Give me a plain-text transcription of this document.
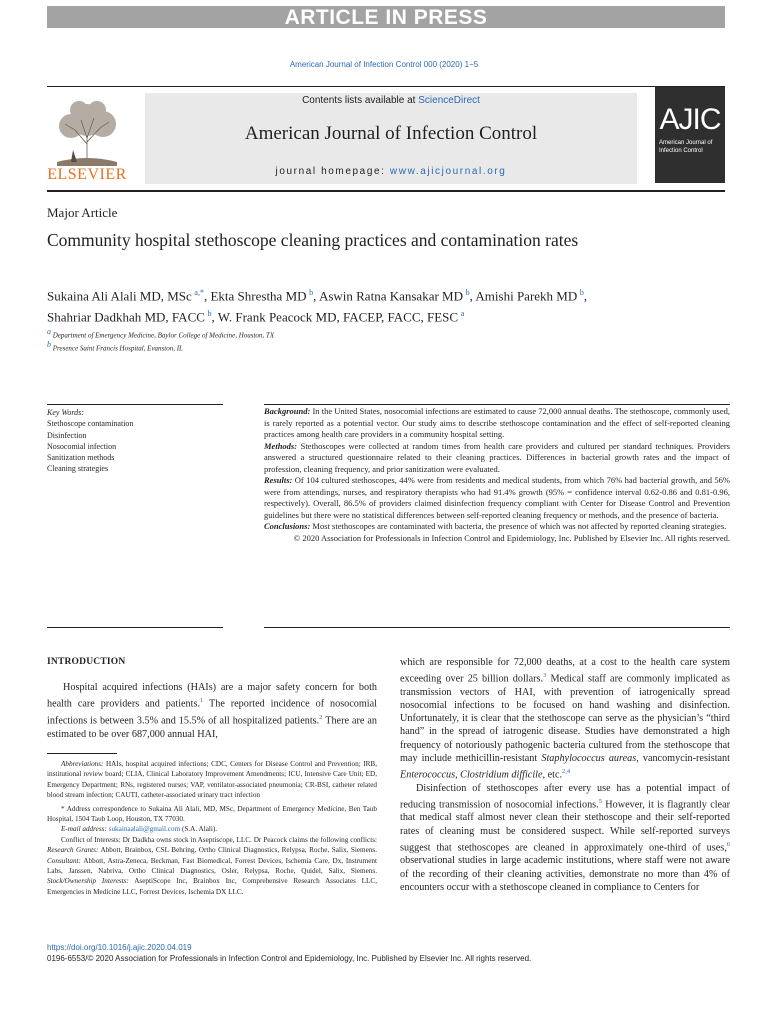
ARTICLE IN PRESS
American Journal of Infection Control 000 (2020) 1−5
ELSEVIER
Contents lists available at ScienceDirect
American Journal of Infection Control
journal homepage: www.ajicjournal.org
AJIC
American Journal of Infection Control
Major Article
Community hospital stethoscope cleaning practices and contamination rates
Sukaina Ali Alali MD, MSc  $^{a,*}$, Ekta Shrestha MD  $^b$, Aswin Ratna Kansakar MD  $^b$, Amishi Parekh MD  $^b$,
Shahriar Dadkhah MD, FACC  $^b$, W. Frank Peacock MD, FACEP, FACC, FESC  $^a$
$^a$ Department of Emergency Medicine, Baylor College of Medicine, Houston, TX
$^b$ Presence Saint Francis Hospital, Evanston, IL
Key Words:
Stethoscope contamination
Disinfection
Nosocomial infection
Sanitization methods
Cleaning strategies

Background: In the United States, nosocomial infections are estimated to cause 72,000 annual deaths. The stethoscope, commonly used, is rarely reported as a potential vector. Our study aims to describe stethoscope contamination and the effect of self-reported cleaning practices among health care providers in a community hospital setting.

Methods: Stethoscopes were collected at random times from health care providers and cultured per standard techniques. Providers answered a structured questionnaire related to their cleaning practices. Differences in bacterial growth rates and the impact of profession, cleaning frequency, and prior sanitization were evaluated.

Results: Of 104 cultured stethoscopes, 44% were from residents and medical students, from which 76% had bacterial growth, and 56% were from attendings, nurses, and respiratory therapists who had 91.4% growth (95% = confidence interval 0.62-0.86 and 0.81-0.96, respectively). Overall, 86.5% of providers claimed disinfection frequency compliant with Center for Disease Control and Prevention guidelines but there were no statistical differences between self-reported cleaning frequency or methods, and the presence of bacteria.

Conclusions: Most stethoscopes are contaminated with bacteria, the presence of which was not affected by reported cleaning strategies.

© 2020 Association for Professionals in Infection Control and Epidemiology, Inc. Published by Elsevier Inc. All rights reserved.

INTRODUCTION

Hospital acquired infections (HAIs) are a major safety concern for both health care providers and patients.$^1$ The reported incidence of nosocomial infections is between 3.5% and 15.5% of all hospitalized patients.$^2$ There are an estimated to be over 687,000 annual HAI,

Abbreviations: HAIs, hospital acquired infections; CDC, Centers for Disease Control and Prevention; IRB, institutional review board; CLIA, Clinical Laboratory Improvement Amendments; ICU, Intensive Care Unit; ED, Emergency Department; RNs, registered nurses; VAP, ventilator-associated pneumonia; CR-BSI, catheter related blood stream infection; CAUTI, catheter-associated urinary tract infection

* Address correspondence to Sukaina Ali Alali, MD, MSc, Department of Emergency Medicine, Ben Taub Hospital, 1504 Taub Loop, Houston, TX 77030.

E-mail address: sukainaalali@gmail.com (S.A. Alali).

Conflict of Interests: Dr Dadkha owns stock in Aseptiscope, LLC. Dr Peacock claims the following conflicts: Research Grants: Abbott, Brainbox, CSL Behring, Ortho Clinical Diagnostics, Relypsa, Roche, Salix, Siemens. Consultant: Abbott, Astra-Zeneca, Beckman, Fast Biomedical, Forrest Devices, Ischemia Care, Dx, Instrument Labs, Janssen, Nabriva, Ortho Clinical Diagnostics, Osler, Relypsa, Roche, Quidel, Salix, Siemens. Stock/Ownership Interests: AseptiScope Inc, Brainbox Inc, Comprehensive Research Associates LLC, Emergencies in Medicine LLC, Forrest Devices, Ischemia DX LLC.

which are responsible for 72,000 deaths, at a cost to the health care system exceeding over 25 billion dollars.$^3$ Medical staff are commonly implicated as transmission vectors of HAI, with prevention of iatrogenically spread nosocomial infections to be focused on hand washing and disinfection. Unfortunately, it is clear that the stethoscope can serve as the physician’s “third hand” in the spread of iatrogenic disease. Studies have demonstrated a high frequency of notoriously pathogenic bacteria cultured from the stethoscope that may include methicillin-resistant Staphylococcus aureas, vancomycin-resistant Enterococcus, Clostridium difficile, etc.$^{2,4}$

Disinfection of stethoscopes after every use has a potential impact of reducing transmission of nosocomial infections.$^5$ However, it is flagrantly clear that medical staff almost never clean their stethoscope and their self-reported rates of cleaning must be considered suspect. While self-reported surveys suggest that stethoscopes are cleaned in approximately one-third of uses,$^6$ observational studies in large academic institutions, where staff were not aware of the recording of their cleaning activities, demonstrate no more than 4% of encounters occur with a stethoscope cleaned in compliance to Centers for

https://doi.org/10.1016/j.ajic.2020.04.019
0196-6553/© 2020 Association for Professionals in Infection Control and Epidemiology, Inc. Published by Elsevier Inc. All rights reserved.
